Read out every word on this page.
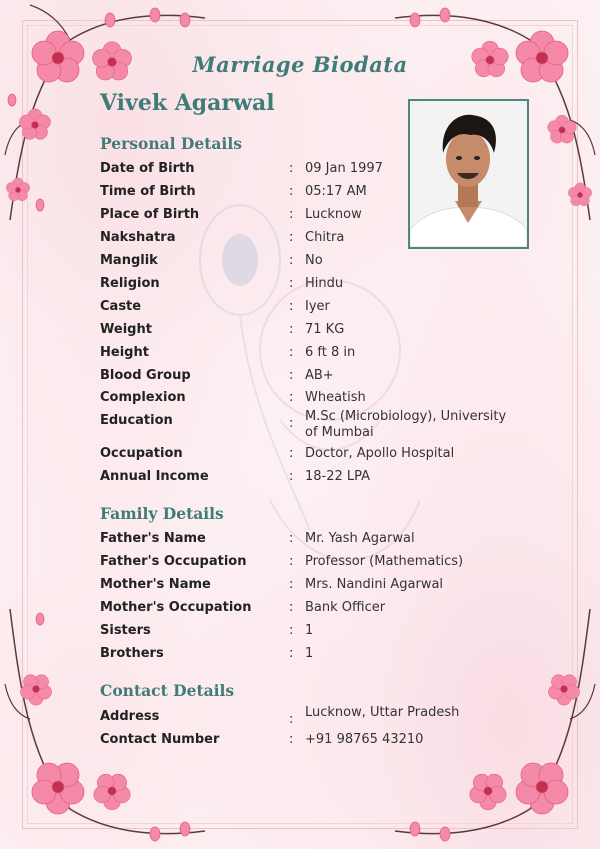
Marriage Biodata
Vivek Agarwal
Personal Details
Date of Birth	: 09 Jan 1997
Time of Birth	: 05:17 AM
Place of Birth	: Lucknow
Nakshatra	: Chitra
Manglik	: No
Religion	: Hindu
Caste	: Iyer
Weight	: 71 KG
Height	: 6 ft 8 in
Blood Group	: AB+
Complexion	: Wheatish
Education	: M.Sc (Microbiology), University of Mumbai
Occupation	: Doctor, Apollo Hospital
Annual Income	: 18-22 LPA
Family Details
Father's Name	: Mr. Yash Agarwal
Father's Occupation	: Professor (Mathematics)
Mother's Name	: Mrs. Nandini Agarwal
Mother's Occupation	: Bank Officer
Sisters	: 1
Brothers	: 1
Contact Details
Address	: Lucknow, Uttar Pradesh
Contact Number	: +91 98765 43210
